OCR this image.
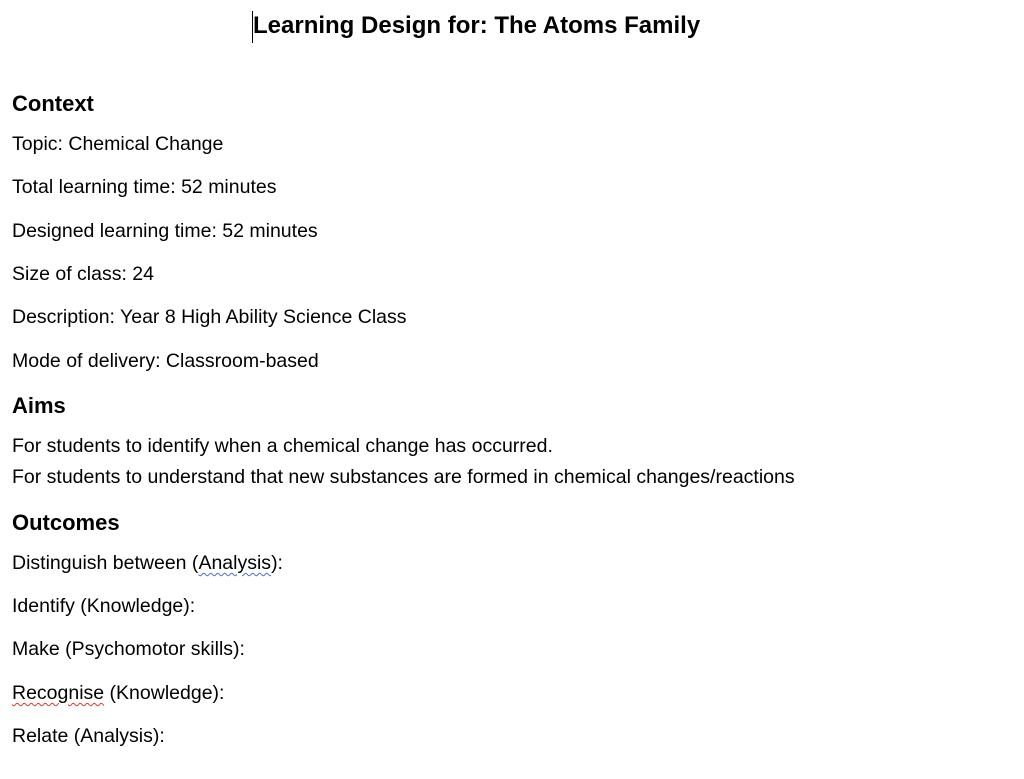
Learning Design for: The Atoms Family
Context
Topic: Chemical Change
Total learning time: 52 minutes
Designed learning time: 52 minutes
Size of class: 24
Description: Year 8 High Ability Science Class
Mode of delivery: Classroom-based
Aims
For students to identify when a chemical change has occurred.
For students to understand that new substances are formed in chemical changes/reactions
Outcomes
Distinguish between (Analysis):
Identify (Knowledge):
Make (Psychomotor skills):
Recognise (Knowledge):
Relate (Analysis):
